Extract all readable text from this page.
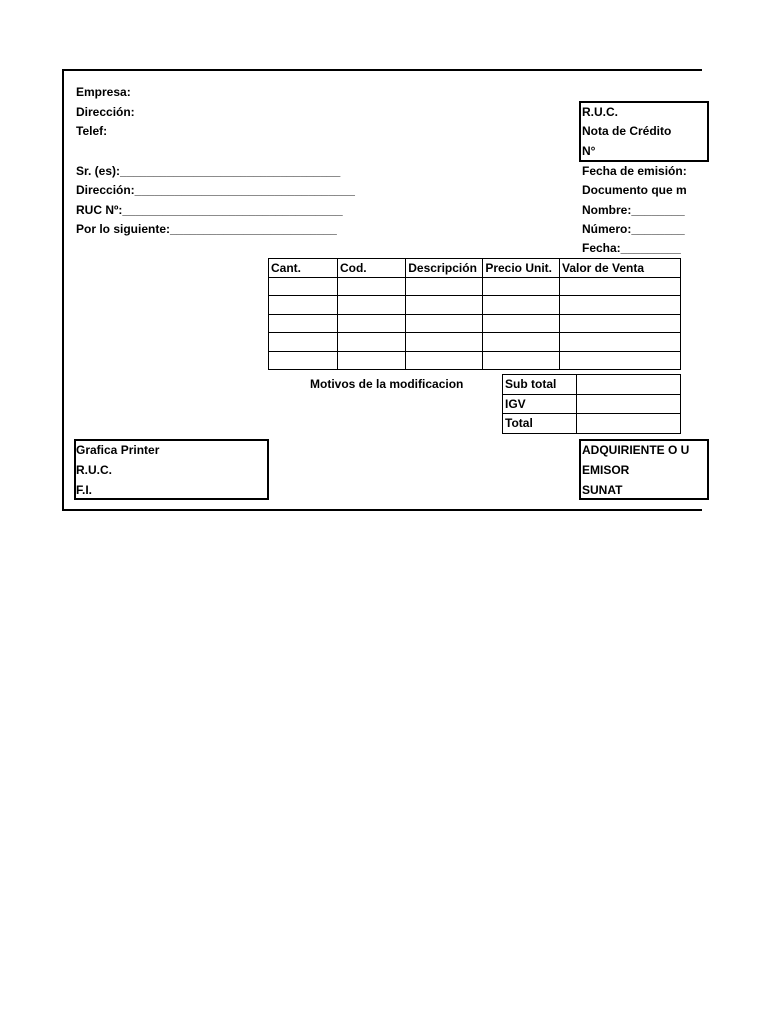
Empresa:
Dirección:
Telef:
Sr. (es):_________________________________
Dirección:_________________________________
RUC Nº:_________________________________
Por lo siguiente:_________________________
R.U.C.
Nota de Crédito
N°
Fecha de emisión:
Documento que m
Nombre:________
Número:________
Fecha:_________
Cant.	Cod.	Descripción	Precio Unit.	Valor de Venta

Motivos de la modificacion	Sub total	
IGV	
Total	
Grafica Printer
R.U.C.
F.I.
ADQUIRIENTE O U
EMISOR
SUNAT
